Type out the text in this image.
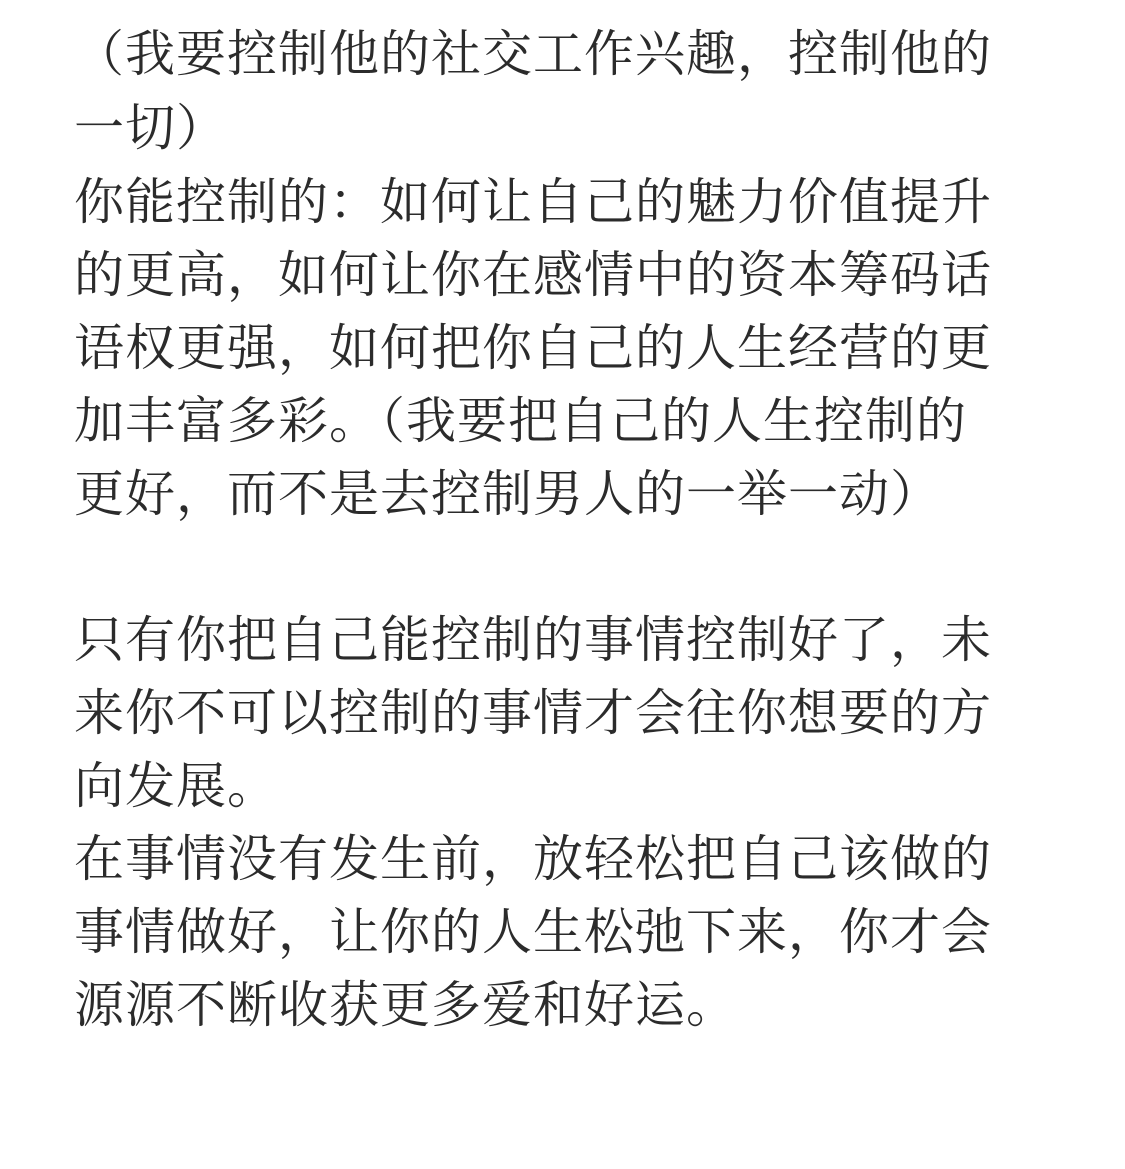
（我要控制他的社交工作兴趣，控制他的
一切）
你能控制的：如何让自己的魅力价值提升
的更高，如何让你在感情中的资本筹码话
语权更强，如何把你自己的人生经营的更
加丰富多彩。（我要把自己的人生控制的
更好，而不是去控制男人的一举一动）
只有你把自己能控制的事情控制好了，未
来你不可以控制的事情才会往你想要的方
向发展。
在事情没有发生前，放轻松把自己该做的
事情做好，让你的人生松弛下来，你才会
源源不断收获更多爱和好运。
